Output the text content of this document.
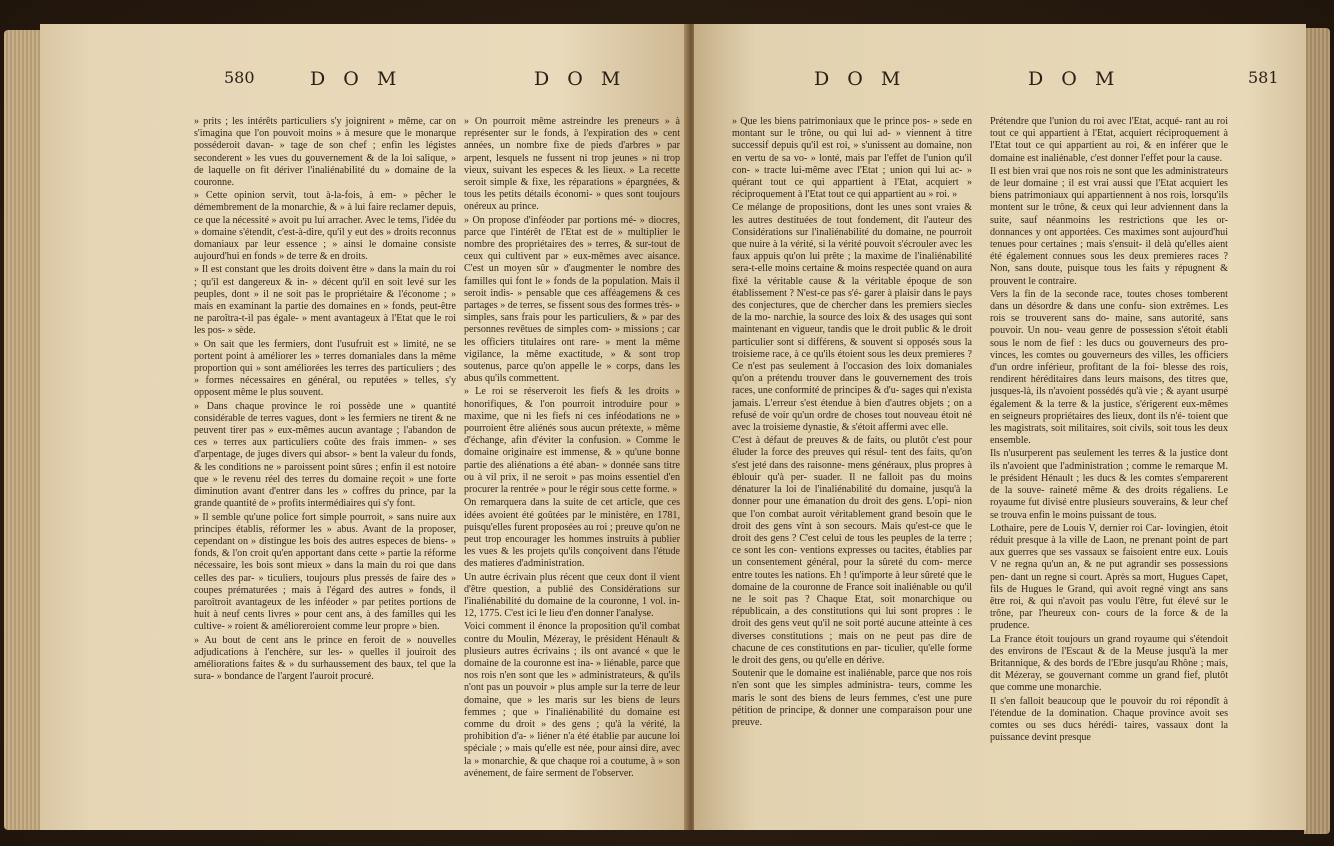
580	D O M	D O M

» prits ; les intérêts particuliers s'y joignirent » même, car on s'imagina que l'on pouvoit moins » à mesure que le monarque posséderoit davan- » tage de son chef ; enfin les légistes seconderent » les vues du gouvernement & de la loi salique, » de laquelle on fit dériver l'inaliénabilité du » domaine de la couronne.

» Cette opinion servit, tout à-la-fois, à em- » pêcher le démembrement de la monarchie, & » à lui faire reclamer depuis, ce que la nécessité » avoit pu lui arracher. Avec le tems, l'idée du » domaine s'étendit, c'est-à-dire, qu'il y eut des » droits reconnus domaniaux par leur essence ; » ainsi le domaine consiste aujourd'hui en fonds » de terre & en droits.

» Il est constant que les droits doivent être » dans la main du roi ; qu'il est dangereux & in- » décent qu'il en soit levé sur les peuples, dont » il ne soit pas le propriétaire & l'économe ; » mais en examinant la partie des domaines en » fonds, peut-être ne paroîtra-t-il pas égale- » ment avantageux à l'Etat que le roi les pos- » sède.

» On sait que les fermiers, dont l'usufruit est » limité, ne se portent point à améliorer les » terres domaniales dans la même proportion qui » sont améliorées les terres des particuliers ; des » formes nécessaires en général, ou reputées » telles, s'y opposent même le plus souvent.

» Dans chaque province le roi possède une » quantité considérable de terres vagues, dont » les fermiers ne tirent & ne peuvent tirer pas » eux-mêmes aucun avantage ; l'abandon de ces » terres aux particuliers coûte des frais immen- » ses d'arpentage, de juges divers qui absor- » bent la valeur du fonds, & les conditions ne » paroissent point sûres ; enfin il est notoire que » le revenu réel des terres du domaine reçoit » une forte diminution avant d'entrer dans les » coffres du prince, par la grande quantité de » profits intermédiaires qui s'y font.

» Il semble qu'une police fort simple pourroit, » sans nuire aux principes établis, réformer les » abus. Avant de la proposer, cependant on » distingue les bois des autres especes de biens- » fonds, & l'on croit qu'en apportant dans cette » partie la réforme nécessaire, les bois sont mieux » dans la main du roi que dans celles des par- » ticuliers, toujours plus pressés de faire des » coupes prématurées ; mais à l'égard des autres » fonds, il paroîtroit avantageux de les inféoder » par petites portions de huit à neuf cents livres » pour cent ans, à des familles qui les cultive- » roient & amélioreroient comme leur propre » bien.

» Au bout de cent ans le prince en feroit de » nouvelles adjudications à l'enchère, sur les- » quelles il jouiroit des améliorations faites & » du surhaussement des baux, tel que la sura- » bondance de l'argent l'auroit procuré.

» On pourroit même astreindre les preneurs » à représenter sur le fonds, à l'expiration des » cent années, un nombre fixe de pieds d'arbres » par arpent, lesquels ne fussent ni trop jeunes » ni trop vieux, suivant les especes & les lieux. » La recette seroit simple & fixe, les réparations » épargnées, & tous les petits détails économi- » ques sont toujours onéreux au prince.

» On propose d'inféoder par portions mé- » diocres, parce que l'intérêt de l'Etat est de » multiplier le nombre des propriétaires des » terres, & sur-tout de ceux qui cultivent par » eux-mêmes avec aisance. C'est un moyen sûr » d'augmenter le nombre des familles qui font le » fonds de la population. Mais il seroit indis- » pensable que ces afféagemens & ces partages » de terres, se fissent sous des formes très- » simples, sans frais pour les particuliers, & » par des personnes revêtues de simples com- » missions ; car les officiers titulaires ont rare- » ment la même vigilance, la même exactitude, » & sont trop soutenus, parce qu'on appelle le » corps, dans les abus qu'ils commettent.

» Le roi se réserveroit les fiefs & les droits » honorifiques, & l'on pourroit introduire pour » maxime, que ni les fiefs ni ces inféodations ne » pourroient être aliénés sous aucun prétexte, » même d'échange, afin d'éviter la confusion. » Comme le domaine originaire est immense, & » qu'une bonne partie des aliénations a été aban- » donnée sans titre ou à vil prix, il ne seroit » pas moins essentiel d'en procurer la rentrée » pour le régir sous cette forme. »

On remarquera dans la suite de cet article, que ces idées avoient été goûtées par le ministère, en 1781, puisqu'elles furent proposées au roi ; preuve qu'on ne peut trop encourager les hommes instruits à publier les vues & les projets qu'ils conçoivent dans l'étude des matieres d'administration.

Un autre écrivain plus récent que ceux dont il vient d'être question, a publié des Considérations sur l'inaliénabilité du domaine de la couronne, 1 vol. in-12, 1775. C'est ici le lieu d'en donner l'analyse.

Voici comment il énonce la proposition qu'il combat contre du Moulin, Mézeray, le président Hénault & plusieurs autres écrivains ; ils ont avancé « que le domaine de la couronne est ina- » liénable, parce que nos rois n'en sont que les » administrateurs, & qu'ils n'ont pas un pouvoir » plus ample sur la terre de leur domaine, que » les maris sur les biens de leurs femmes ; que » l'inaliénabilité du domaine est comme du droit » des gens ; qu'à la vérité, la prohibition d'a- » liéner n'a été établie par aucune loi spéciale ; » mais qu'elle est née, pour ainsi dire, avec la » monarchie, & que chaque roi a coutume, à » son avénement, de faire serment de l'observer.

D O M	D O M	581

» Que les biens patrimoniaux que le prince pos- » sede en montant sur le trône, ou qui lui ad- » viennent à titre successif depuis qu'il est roi, » s'unissent au domaine, non en vertu de sa vo- » lonté, mais par l'effet de l'union qu'il con- » tracte lui-même avec l'Etat ; union qui lui ac- » quérant tout ce qui appartient à l'Etat, acquiert » réciproquement à l'Etat tout ce qui appartient au » roi. »

Ce mélange de propositions, dont les unes sont vraies & les autres destituées de tout fondement, dit l'auteur des Considérations sur l'inaliénabilité du domaine, ne pourroit que nuire à la vérité, si la vérité pouvoit s'écrouler avec les faux appuis qu'on lui prête ; la maxime de l'inaliénabilité sera-t-elle moins certaine & moins respectée quand on aura fixé la véritable cause & la véritable époque de son établissement ? N'est-ce pas s'é- garer à plaisir dans le pays des conjectures, que de chercher dans les premiers siecles de la mo- narchie, la source des loix & des usages qui sont maintenant en vigueur, tandis que le droit public & le droit particulier sont si différens, & souvent si opposés sous la troisieme race, à ce qu'ils étoient sous les deux premieres ? Ce n'est pas seulement à l'occasion des loix domaniales qu'on a prétendu trouver dans le gouvernement des trois races, une conformité de principes & d'u- sages qui n'exista jamais. L'erreur s'est étendue à bien d'autres objets ; on a refusé de voir qu'un ordre de choses tout nouveau étoit né avec la troisieme dynastie, & s'étoit affermi avec elle.

C'est à défaut de preuves & de faits, ou plutôt c'est pour éluder la force des preuves qui résul- tent des faits, qu'on s'est jeté dans des raisonne- mens généraux, plus propres à éblouir qu'à per- suader. Il ne falloit pas du moins dénaturer la loi de l'inaliénabilité du domaine, jusqu'à la donner pour une émanation du droit des gens. L'opi- nion que l'on combat auroit véritablement grand besoin que le droit des gens vînt à son secours. Mais qu'est-ce que le droit des gens ? C'est celui de tous les peuples de la terre ; ce sont les con- ventions expresses ou tacites, établies par un consentement général, pour la sûreté du com- merce entre toutes les nations. Eh ! qu'importe à leur sûreté que le domaine de la couronne de France soit inaliénable ou qu'il ne le soit pas ? Chaque Etat, soit monarchique ou républicain, a des constitutions qui lui sont propres : le droit des gens veut qu'il ne soit porté aucune atteinte à ces diverses constitutions ; mais on ne peut pas dire de chacune de ces constitutions en par- ticulier, qu'elle forme le droit des gens, ou qu'elle en dérive.

Soutenir que le domaine est inaliénable, parce que nos rois n'en sont que les simples administra- teurs, comme les maris le sont des biens de leurs femmes, c'est une pure pétition de principe, & donner une comparaison pour une preuve.

Prétendre que l'union du roi avec l'Etat, acqué- rant au roi tout ce qui appartient à l'Etat, acquiert réciproquement à l'Etat tout ce qui appartient au roi, & en inférer que le domaine est inaliénable, c'est donner l'effet pour la cause.

Il est bien vrai que nos rois ne sont que les administrateurs de leur domaine ; il est vrai aussi que l'Etat acquiert les biens patrimoniaux qui appartiennent à nos rois, lorsqu'ils montent sur le trône, & ceux qui leur adviennent dans la suite, sauf néanmoins les restrictions que les or- donnances y ont apportées. Ces maximes sont aujourd'hui tenues pour certaines ; mais s'ensuit- il delà qu'elles aient été également connues sous les deux premieres races ? Non, sans doute, puisque tous les faits y répugnent & prouvent le contraire.

Vers la fin de la seconde race, toutes choses tomberent dans un désordre & dans une confu- sion extrêmes. Les rois se trouverent sans do- maine, sans autorité, sans pouvoir. Un nou- veau genre de possession s'étoit établi sous le nom de fief : les ducs ou gouverneurs des pro- vinces, les comtes ou gouverneurs des villes, les officiers d'un ordre inférieur, profitant de la foi- blesse des rois, rendirent héréditaires dans leurs maisons, des titres que, jusques-là, ils n'avoient possédés qu'à vie ; & ayant usurpé également & la terre & la justice, s'érigerent eux-mêmes en seigneurs propriétaires des lieux, dont ils n'é- toient que les magistrats, soit militaires, soit civils, soit tous les deux ensemble.

Ils n'usurperent pas seulement les terres & la justice dont ils n'avoient que l'administration ; comme le remarque M. le président Hénault ; les ducs & les comtes s'emparerent de la souve- raineté même & des droits régaliens. Le royaume fut divisé entre plusieurs souverains, & leur chef se trouva enfin le moins puissant de tous.

Lothaire, pere de Louis V, dernier roi Car- lovingien, étoit réduit presque à la ville de Laon, ne prenant point de part aux guerres que ses vassaux se faisoient entre eux. Louis V ne regna qu'un an, & ne put agrandir ses possessions pen- dant un regne si court. Après sa mort, Hugues Capet, fils de Hugues le Grand, qui avoit regné vingt ans sans être roi, & qui n'avoit pas voulu l'être, fut élevé sur le trône, par l'heureux con- cours de la force & de la prudence.

La France étoit toujours un grand royaume qui s'étendoit des environs de l'Escaut & de la Meuse jusqu'à la mer Britannique, & des bords de l'Ebre jusqu'au Rhône ; mais, dit Mézeray, se gouvernant comme un grand fief, plutôt que comme une monarchie.

Il s'en falloit beaucoup que le pouvoir du roi répondît à l'étendue de la domination. Chaque province avoit ses comtes ou ses ducs hérédi- taires, vassaux dont la puissance devint presque
